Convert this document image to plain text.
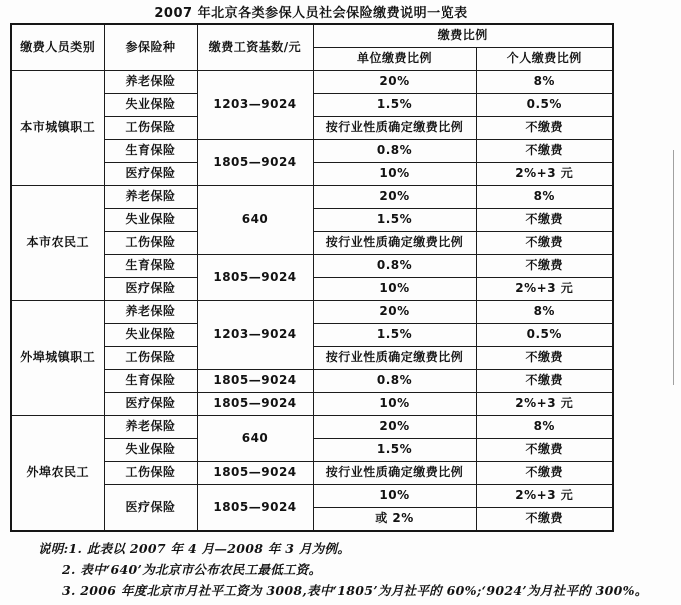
2007 年北京各类参保人员社会保险缴费说明一览表
缴费人员类别	参保险种	缴费工资基数/元	缴费比例	
			单位缴费比例	个人缴费比例
本市城镇职工	养老保险	1203—9024	20%	8%
	失业保险		1.5%	0.5%
	工伤保险		按行业性质确定缴费比例	不缴费
	生育保险	1805—9024	0.8%	不缴费
	医疗保险		10%	2%+3 元
本市农民工	养老保险	640	20%	8%
	失业保险		1.5%	不缴费
	工伤保险		按行业性质确定缴费比例	不缴费
	生育保险	1805—9024	0.8%	不缴费
	医疗保险		10%	2%+3 元
外埠城镇职工	养老保险	1203—9024	20%	8%
	失业保险		1.5%	0.5%
	工伤保险		按行业性质确定缴费比例	不缴费
	生育保险	1805—9024	0.8%	不缴费
	医疗保险	1805—9024	10%	2%+3 元
外埠农民工	养老保险	640	20%	8%
	失业保险		1.5%	不缴费
	工伤保险	1805—9024	按行业性质确定缴费比例	不缴费
	医疗保险	1805—9024	10%	2%+3 元
			或 2%	不缴费
说明:1. 此表以 2007 年 4 月—2008 年 3 月为例。
2. 表中‘640’为北京市公布农民工最低工资。
3. 2006 年度北京市月社平工资为 3008,表中‘1805’为月社平的 60%;‘9024’为月社平的 300%。
